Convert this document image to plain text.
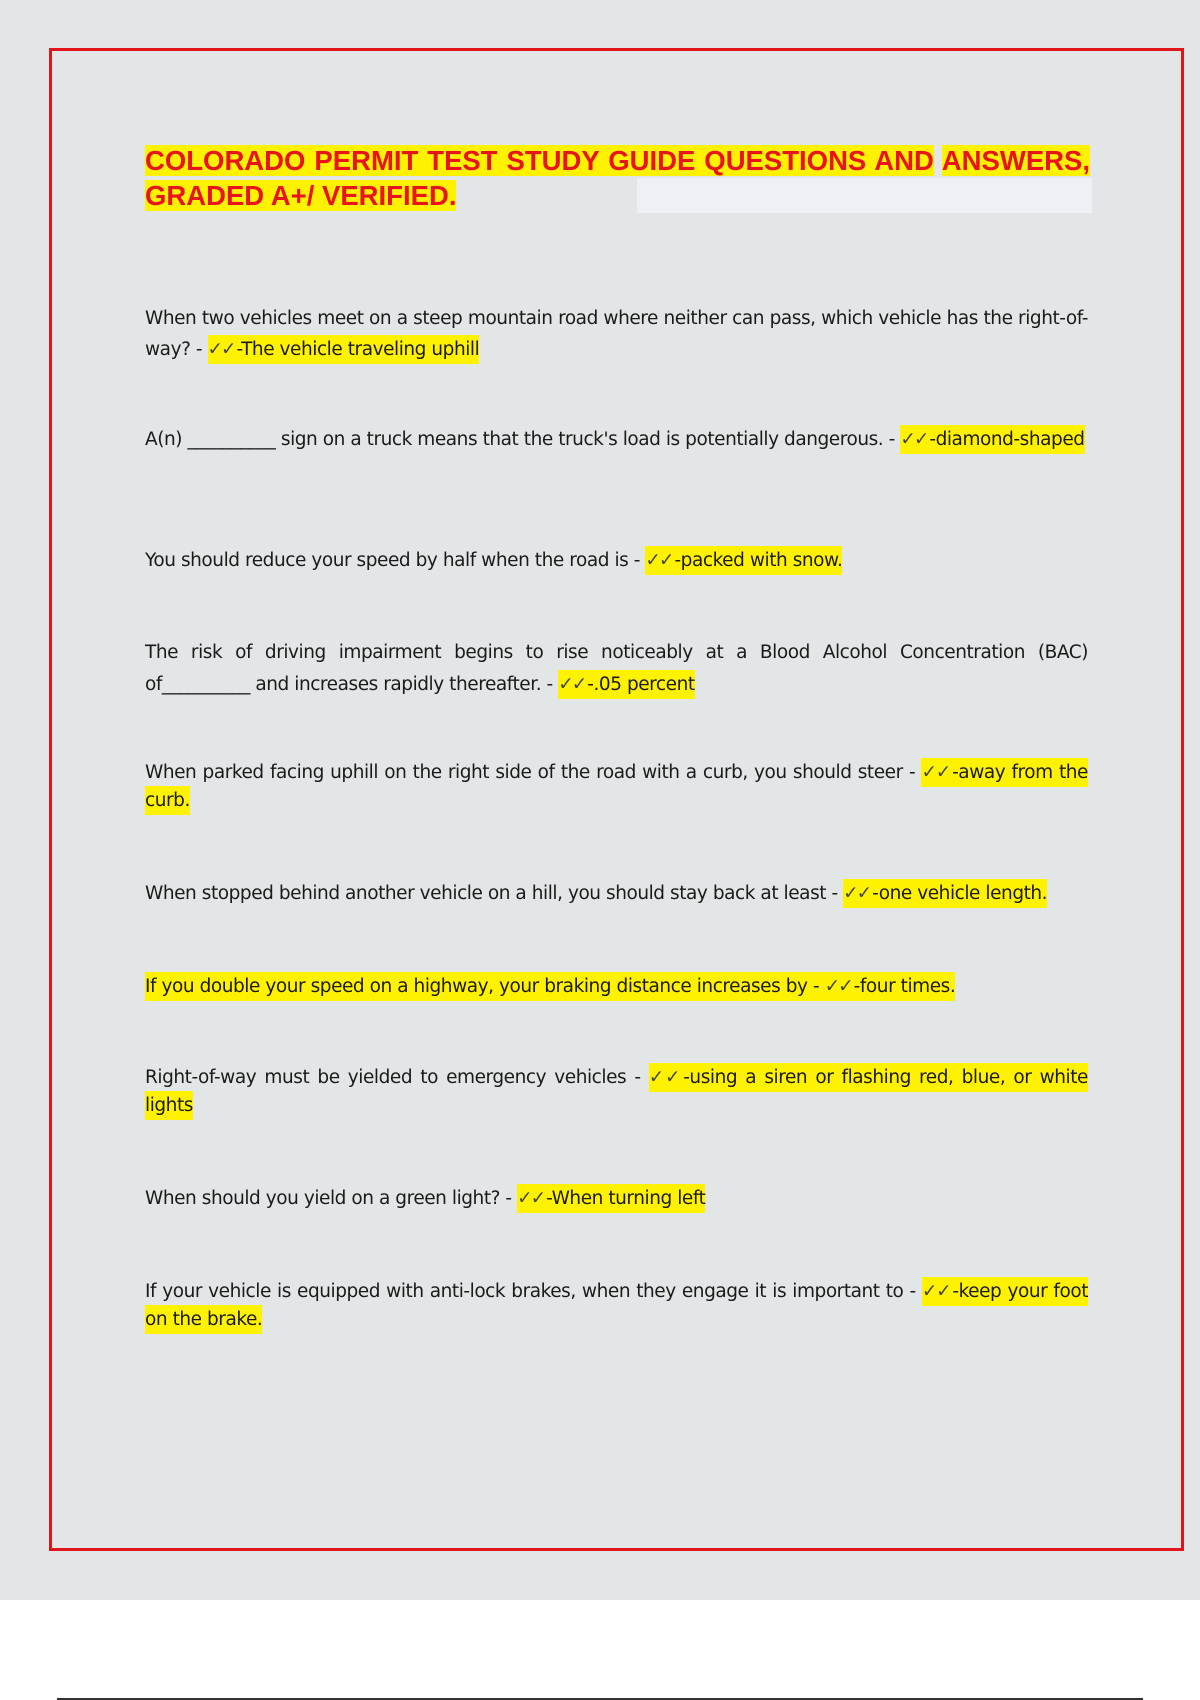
COLORADO PERMIT TEST STUDY GUIDE QUESTIONS AND ANSWERS, GRADED A+/ VERIFIED.
When two vehicles meet on a steep mountain road where neither can pass, which vehicle has the right-of-way? - ✓✓ -The vehicle traveling uphill
A(n) __________ sign on a truck means that the truck's load is potentially dangerous. - ✓✓ -diamond-shaped
You should reduce your speed by half when the road is - ✓✓ -packed with snow.
The risk of driving impairment begins to rise noticeably at a Blood Alcohol Concentration (BAC) of__________ and increases rapidly thereafter. - ✓✓ -.05 percent
When parked facing uphill on the right side of the road with a curb, you should steer - ✓✓ -away from the curb.
When stopped behind another vehicle on a hill, you should stay back at least - ✓✓ -one vehicle length.
If you double your speed on a highway, your braking distance increases by - ✓✓ -four times.
Right-of-way must be yielded to emergency vehicles - ✓✓ -using a siren or flashing red, blue, or white lights
When should you yield on a green light? - ✓✓ -When turning left
If your vehicle is equipped with anti-lock brakes, when they engage it is important to - ✓✓ -keep your foot on the brake.
